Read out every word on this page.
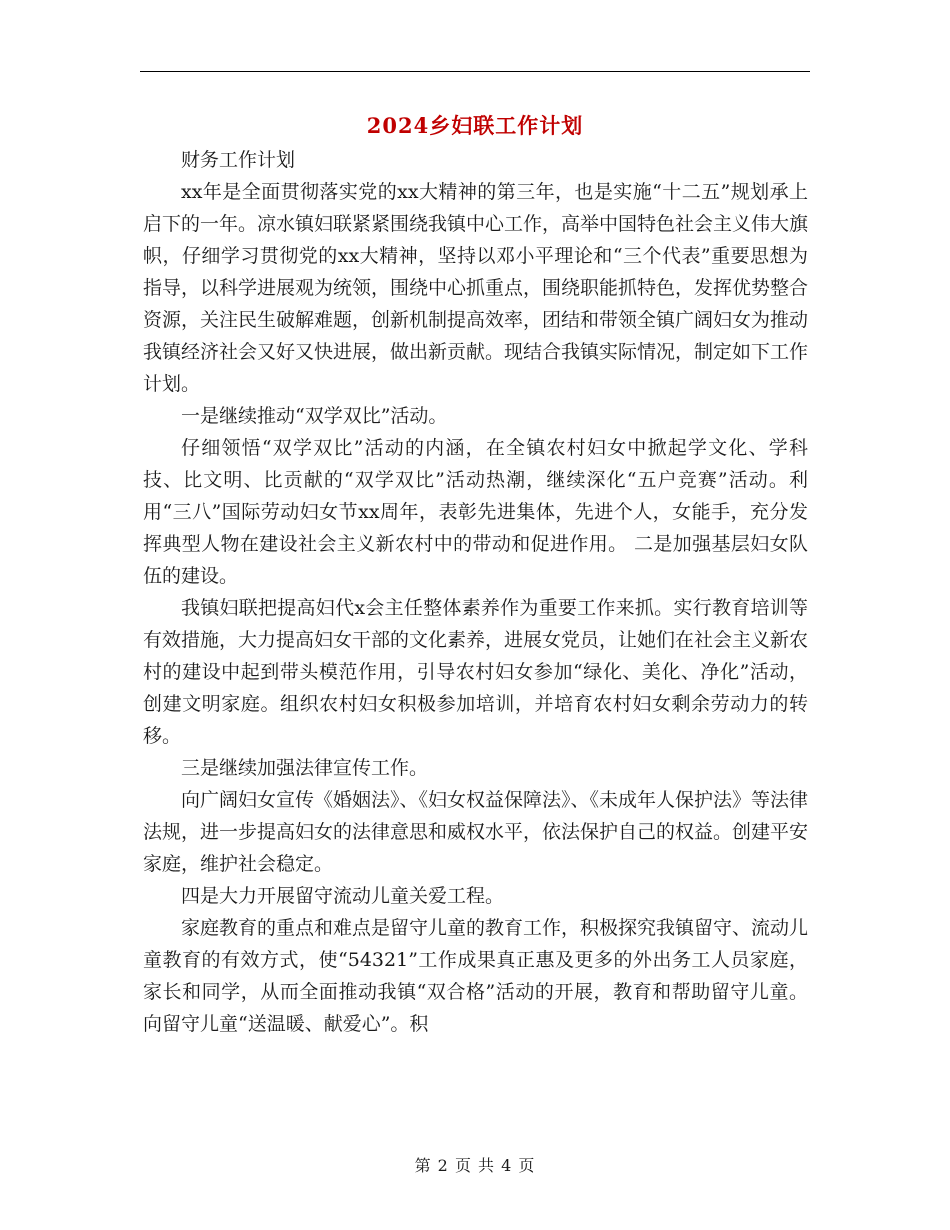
2024乡妇联工作计划

财务工作计划

xx年是全面贯彻落实党的xx大精神的第三年，也是实施“十二五”规划承上启下的一年。凉水镇妇联紧紧围绕我镇中心工作，高举中国特色社会主义伟大旗帜，仔细学习贯彻党的xx大精神，坚持以邓小平理论和“三个代表”重要思想为指导，以科学进展观为统领，围绕中心抓重点，围绕职能抓特色，发挥优势整合资源，关注民生破解难题，创新机制提高效率，团结和带领全镇广阔妇女为推动我镇经济社会又好又快进展，做出新贡献。现结合我镇实际情况，制定如下工作计划。

一是继续推动“双学双比”活动。

仔细领悟“双学双比”活动的内涵，在全镇农村妇女中掀起学文化、学科技、比文明、比贡献的“双学双比”活动热潮，继续深化“五户竞赛”活动。利用“三八”国际劳动妇女节xx周年，表彰先进集体，先进个人，女能手，充分发挥典型人物在建设社会主义新农村中的带动和促进作用。 二是加强基层妇女队伍的建设。

我镇妇联把提高妇代x会主任整体素养作为重要工作来抓。实行教育培训等有效措施，大力提高妇女干部的文化素养，进展女党员，让她们在社会主义新农村的建设中起到带头模范作用，引导农村妇女参加“绿化、美化、净化”活动，创建文明家庭。组织农村妇女积极参加培训，并培育农村妇女剩余劳动力的转移。

三是继续加强法律宣传工作。

向广阔妇女宣传《婚姻法》、《妇女权益保障法》、《未成年人保护法》等法律法规，进一步提高妇女的法律意思和威权水平，依法保护自己的权益。创建平安家庭，维护社会稳定。

四是大力开展留守流动儿童关爱工程。

家庭教育的重点和难点是留守儿童的教育工作，积极探究我镇留守、流动儿童教育的有效方式，使“54321”工作成果真正惠及更多的外出务工人员家庭，家长和同学，从而全面推动我镇“双合格”活动的开展，教育和帮助留守儿童。向留守儿童“送温暖、献爱心”。积

第 2 页 共 4 页
